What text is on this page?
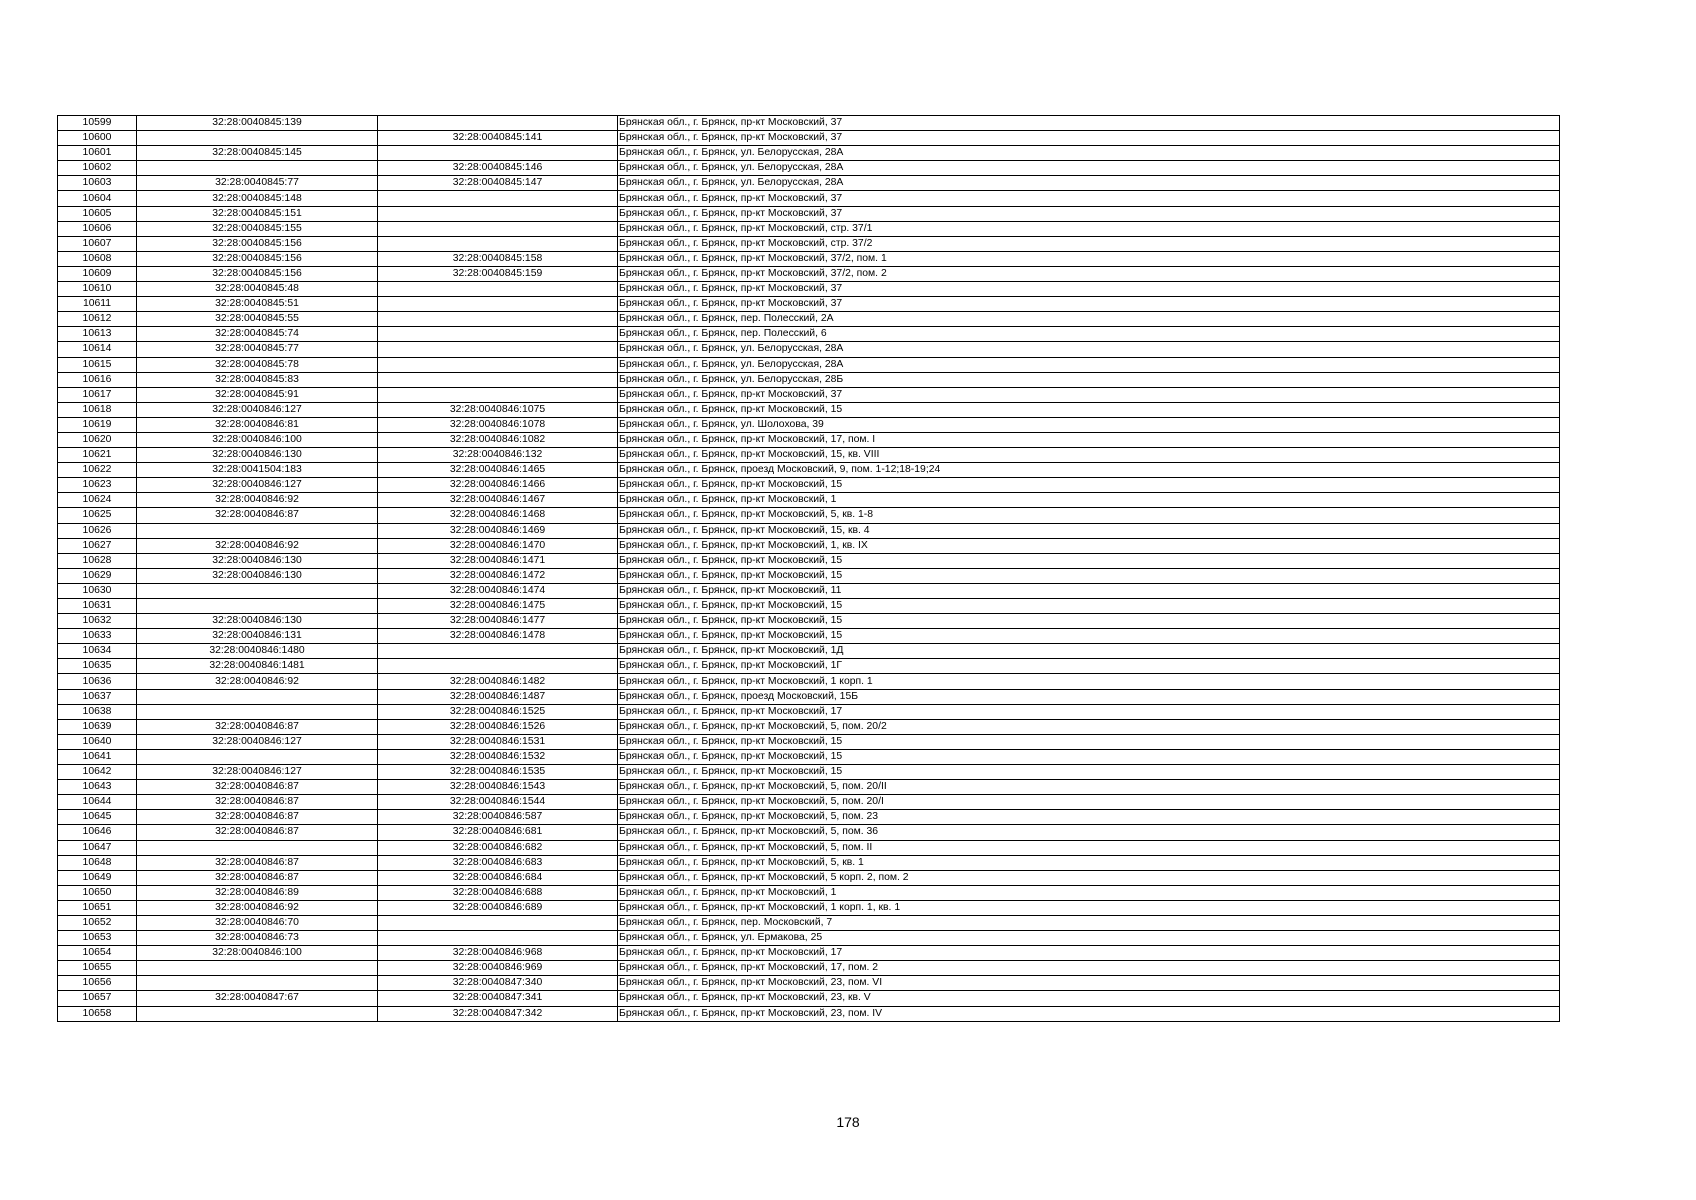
10599	32:28:0040845:139		Брянская обл., г. Брянск, пр-кт Московский, 37
10600		32:28:0040845:141	Брянская обл., г. Брянск, пр-кт Московский, 37
10601	32:28:0040845:145		Брянская обл., г. Брянск, ул. Белорусская, 28А
10602		32:28:0040845:146	Брянская обл., г. Брянск, ул. Белорусская, 28А
10603	32:28:0040845:77	32:28:0040845:147	Брянская обл., г. Брянск, ул. Белорусская, 28А
10604	32:28:0040845:148		Брянская обл., г. Брянск, пр-кт Московский, 37
10605	32:28:0040845:151		Брянская обл., г. Брянск, пр-кт Московский, 37
10606	32:28:0040845:155		Брянская обл., г. Брянск, пр-кт Московский, стр. 37/1
10607	32:28:0040845:156		Брянская обл., г. Брянск, пр-кт Московский, стр. 37/2
10608	32:28:0040845:156	32:28:0040845:158	Брянская обл., г. Брянск, пр-кт Московский, 37/2, пом. 1
10609	32:28:0040845:156	32:28:0040845:159	Брянская обл., г. Брянск, пр-кт Московский, 37/2, пом. 2
10610	32:28:0040845:48		Брянская обл., г. Брянск, пр-кт Московский, 37
10611	32:28:0040845:51		Брянская обл., г. Брянск, пр-кт Московский, 37
10612	32:28:0040845:55		Брянская обл., г. Брянск, пер. Полесский, 2А
10613	32:28:0040845:74		Брянская обл., г. Брянск, пер. Полесский, 6
10614	32:28:0040845:77		Брянская обл., г. Брянск, ул. Белорусская, 28А
10615	32:28:0040845:78		Брянская обл., г. Брянск, ул. Белорусская, 28А
10616	32:28:0040845:83		Брянская обл., г. Брянск, ул. Белорусская, 28Б
10617	32:28:0040845:91		Брянская обл., г. Брянск, пр-кт Московский, 37
10618	32:28:0040846:127	32:28:0040846:1075	Брянская обл., г. Брянск, пр-кт Московский, 15
10619	32:28:0040846:81	32:28:0040846:1078	Брянская обл., г. Брянск, ул. Шолохова, 39
10620	32:28:0040846:100	32:28:0040846:1082	Брянская обл., г. Брянск, пр-кт Московский, 17, пом. I
10621	32:28:0040846:130	32:28:0040846:132	Брянская обл., г. Брянск, пр-кт Московский, 15, кв. VIII
10622	32:28:0041504:183	32:28:0040846:1465	Брянская обл., г. Брянск, проезд Московский, 9, пом. 1-12;18-19;24
10623	32:28:0040846:127	32:28:0040846:1466	Брянская обл., г. Брянск, пр-кт Московский, 15
10624	32:28:0040846:92	32:28:0040846:1467	Брянская обл., г. Брянск, пр-кт Московский, 1
10625	32:28:0040846:87	32:28:0040846:1468	Брянская обл., г. Брянск, пр-кт Московский, 5, кв. 1-8
10626		32:28:0040846:1469	Брянская обл., г. Брянск, пр-кт Московский, 15, кв. 4
10627	32:28:0040846:92	32:28:0040846:1470	Брянская обл., г. Брянск, пр-кт Московский, 1, кв. IX
10628	32:28:0040846:130	32:28:0040846:1471	Брянская обл., г. Брянск, пр-кт Московский, 15
10629	32:28:0040846:130	32:28:0040846:1472	Брянская обл., г. Брянск, пр-кт Московский, 15
10630		32:28:0040846:1474	Брянская обл., г. Брянск, пр-кт Московский, 11
10631		32:28:0040846:1475	Брянская обл., г. Брянск, пр-кт Московский, 15
10632	32:28:0040846:130	32:28:0040846:1477	Брянская обл., г. Брянск, пр-кт Московский, 15
10633	32:28:0040846:131	32:28:0040846:1478	Брянская обл., г. Брянск, пр-кт Московский, 15
10634	32:28:0040846:1480		Брянская обл., г. Брянск, пр-кт Московский, 1Д
10635	32:28:0040846:1481		Брянская обл., г. Брянск, пр-кт Московский, 1Г
10636	32:28:0040846:92	32:28:0040846:1482	Брянская обл., г. Брянск, пр-кт Московский, 1 корп. 1
10637		32:28:0040846:1487	Брянская обл., г. Брянск, проезд Московский, 15Б
10638		32:28:0040846:1525	Брянская обл., г. Брянск, пр-кт Московский, 17
10639	32:28:0040846:87	32:28:0040846:1526	Брянская обл., г. Брянск, пр-кт Московский, 5, пом. 20/2
10640	32:28:0040846:127	32:28:0040846:1531	Брянская обл., г. Брянск, пр-кт Московский, 15
10641		32:28:0040846:1532	Брянская обл., г. Брянск, пр-кт Московский, 15
10642	32:28:0040846:127	32:28:0040846:1535	Брянская обл., г. Брянск, пр-кт Московский, 15
10643	32:28:0040846:87	32:28:0040846:1543	Брянская обл., г. Брянск, пр-кт Московский, 5, пом. 20/II
10644	32:28:0040846:87	32:28:0040846:1544	Брянская обл., г. Брянск, пр-кт Московский, 5, пом. 20/I
10645	32:28:0040846:87	32:28:0040846:587	Брянская обл., г. Брянск, пр-кт Московский, 5, пом. 23
10646	32:28:0040846:87	32:28:0040846:681	Брянская обл., г. Брянск, пр-кт Московский, 5, пом. 36
10647		32:28:0040846:682	Брянская обл., г. Брянск, пр-кт Московский, 5, пом. II
10648	32:28:0040846:87	32:28:0040846:683	Брянская обл., г. Брянск, пр-кт Московский, 5, кв. 1
10649	32:28:0040846:87	32:28:0040846:684	Брянская обл., г. Брянск, пр-кт Московский, 5 корп. 2, пом. 2
10650	32:28:0040846:89	32:28:0040846:688	Брянская обл., г. Брянск, пр-кт Московский, 1
10651	32:28:0040846:92	32:28:0040846:689	Брянская обл., г. Брянск, пр-кт Московский, 1 корп. 1, кв. 1
10652	32:28:0040846:70		Брянская обл., г. Брянск, пер. Московский, 7
10653	32:28:0040846:73		Брянская обл., г. Брянск, ул. Ермакова, 25
10654	32:28:0040846:100	32:28:0040846:968	Брянская обл., г. Брянск, пр-кт Московский, 17
10655		32:28:0040846:969	Брянская обл., г. Брянск, пр-кт Московский, 17, пом. 2
10656		32:28:0040847:340	Брянская обл., г. Брянск, пр-кт Московский, 23, пом. VI
10657	32:28:0040847:67	32:28:0040847:341	Брянская обл., г. Брянск, пр-кт Московский, 23, кв. V
10658		32:28:0040847:342	Брянская обл., г. Брянск, пр-кт Московский, 23, пом. IV
178
